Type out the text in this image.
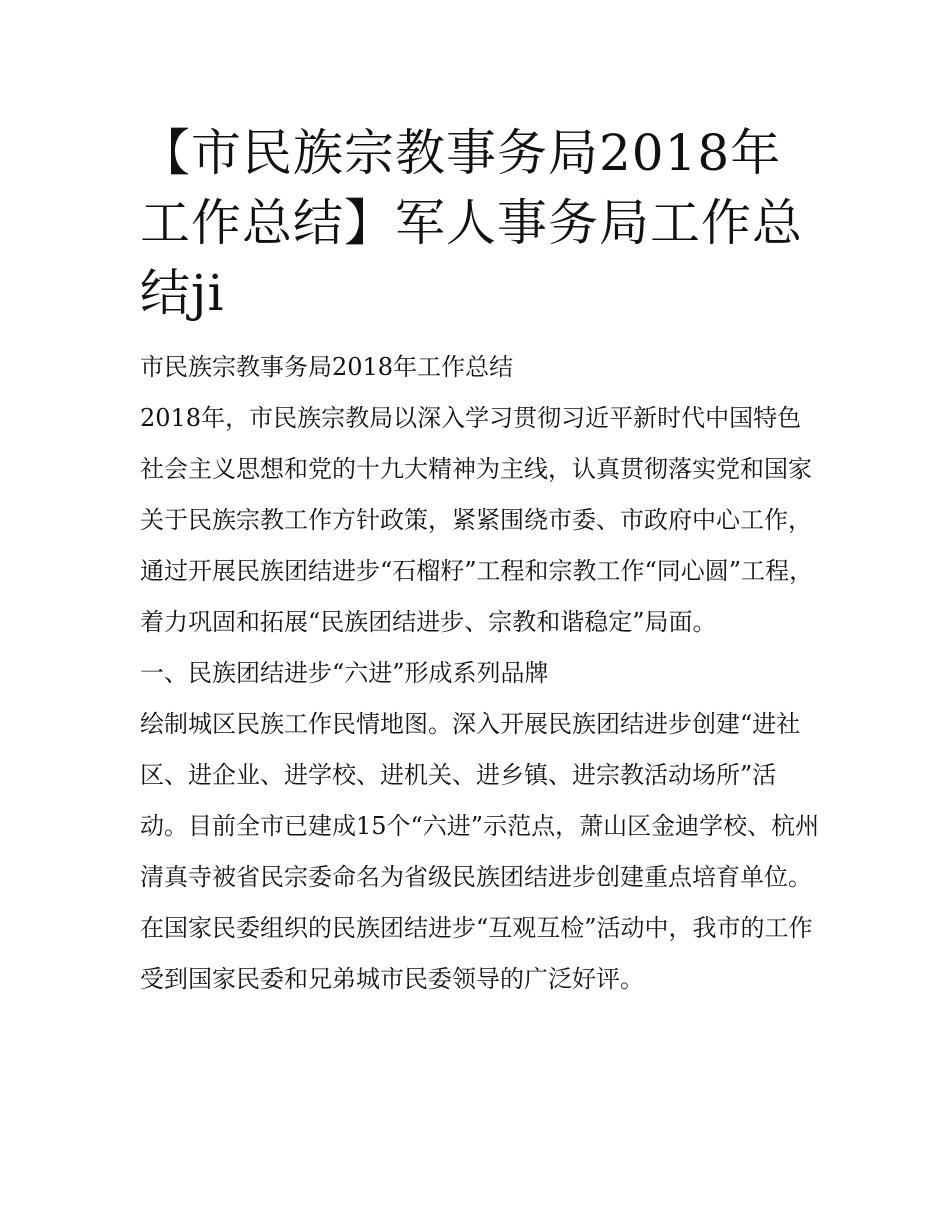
【市民族宗教事务局2018年工作总结】军人事务局工作总结ji

市民族宗教事务局2018年工作总结

2018年，市民族宗教局以深入学习贯彻习近平新时代中国特色社会主义思想和党的十九大精神为主线，认真贯彻落实党和国家关于民族宗教工作方针政策，紧紧围绕市委、市政府中心工作，通过开展民族团结进步“石榴籽”工程和宗教工作“同心圆”工程，着力巩固和拓展“民族团结进步、宗教和谐稳定”局面。

一、民族团结进步“六进”形成系列品牌

绘制城区民族工作民情地图。深入开展民族团结进步创建“进社区、进企业、进学校、进机关、进乡镇、进宗教活动场所”活动。目前全市已建成15个“六进”示范点，萧山区金迪学校、杭州清真寺被省民宗委命名为省级民族团结进步创建重点培育单位。在国家民委组织的民族团结进步“互观互检”活动中，我市的工作受到国家民委和兄弟城市民委领导的广泛好评。
